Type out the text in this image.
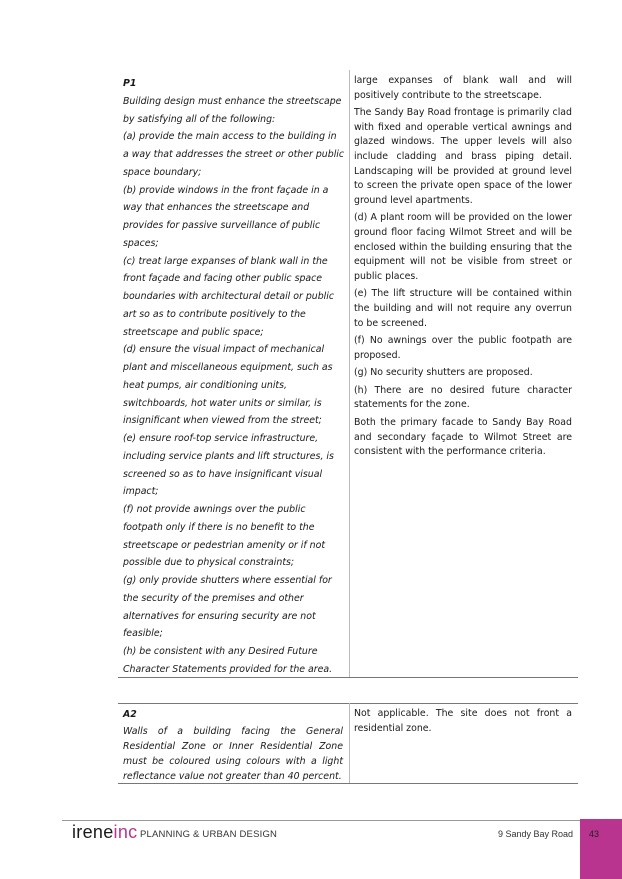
P1
Building design must enhance the streetscape
by satisfying all of the following:
(a) provide the main access to the building in
a way that addresses the street or other public
space boundary;
(b) provide windows in the front façade in a
way that enhances the streetscape and
provides for passive surveillance of public
spaces;
(c) treat large expanses of blank wall in the
front façade and facing other public space
boundaries with architectural detail or public
art so as to contribute positively to the
streetscape and public space;
(d) ensure the visual impact of mechanical
plant and miscellaneous equipment, such as
heat pumps, air conditioning units,
switchboards, hot water units or similar, is
insignificant when viewed from the street;
(e) ensure roof-top service infrastructure,
including service plants and lift structures, is
screened so as to have insignificant visual
impact;
(f) not provide awnings over the public
footpath only if there is no benefit to the
streetscape or pedestrian amenity or if not
possible due to physical constraints;
(g) only provide shutters where essential for
the security of the premises and other
alternatives for ensuring security are not
feasible;
(h) be consistent with any Desired Future
Character Statements provided for the area.

large expanses of blank wall and will positively contribute to the streetscape.

The Sandy Bay Road frontage is primarily clad with fixed and operable vertical awnings and glazed windows. The upper levels will also include cladding and brass piping detail. Landscaping will be provided at ground level to screen the private open space of the lower ground level apartments.

(d) A plant room will be provided on the lower ground floor facing Wilmot Street and will be enclosed within the building ensuring that the equipment will not be visible from street or public places.

(e) The lift structure will be contained within the building and will not require any overrun to be screened.

(f) No awnings over the public footpath are proposed.

(g) No security shutters are proposed.

(h) There are no desired future character statements for the zone.

Both the primary facade to Sandy Bay Road and secondary façade to Wilmot Street are consistent with the performance criteria.

A2
Walls of a building facing the General Residential Zone or Inner Residential Zone must be coloured using colours with a light reflectance value not greater than 40 percent.
Not applicable. The site does not front a residential zone.
ireneinc PLANNING & URBAN DESIGN	9 Sandy Bay Road	43
